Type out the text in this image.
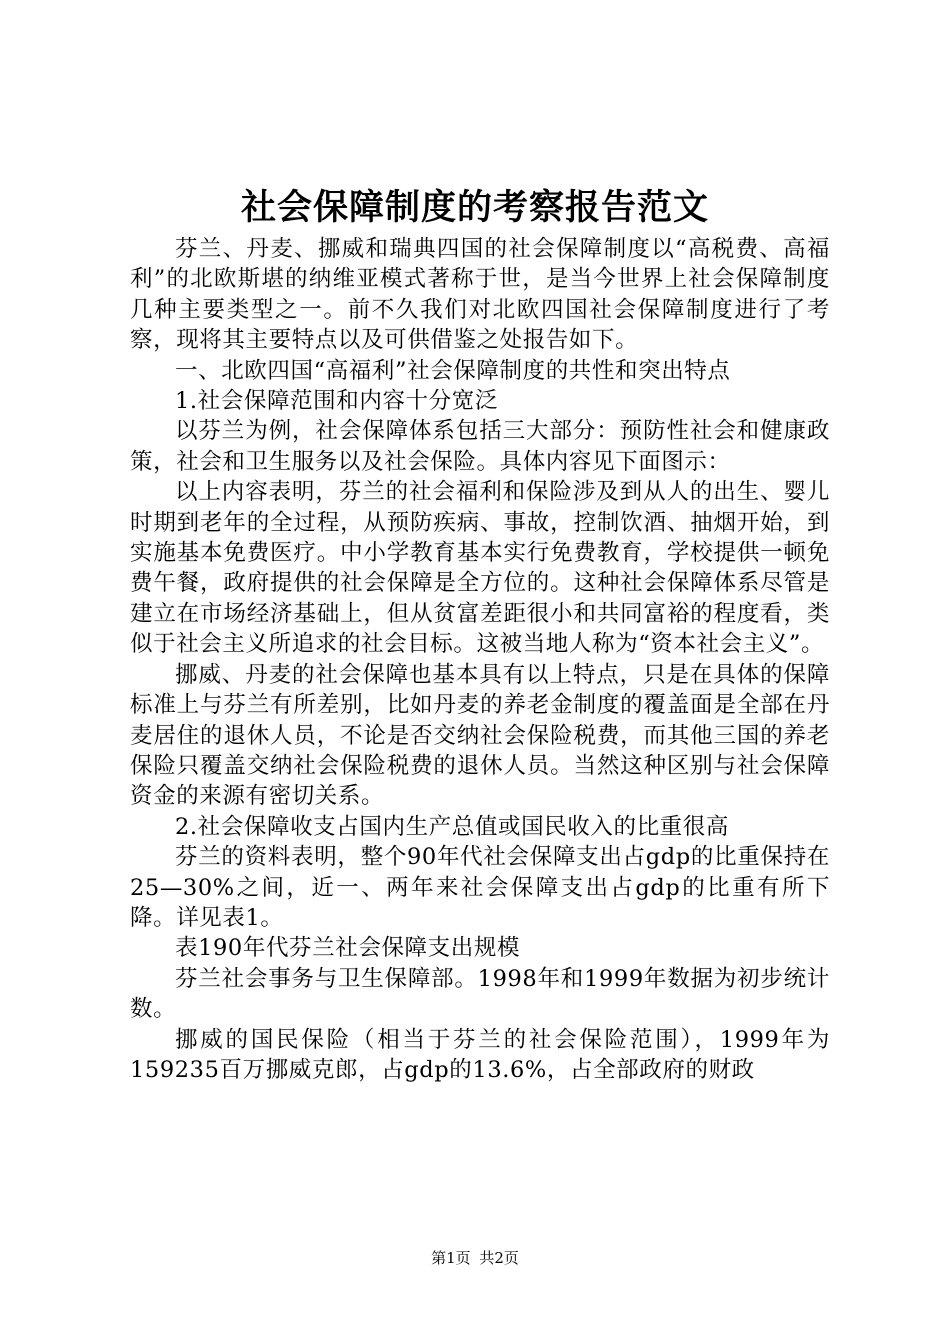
社会保障制度的考察报告范文

芬兰、丹麦、挪威和瑞典四国的社会保障制度以“高税费、高福利”的北欧斯堪的纳维亚模式著称于世，是当今世界上社会保障制度几种主要类型之一。前不久我们对北欧四国社会保障制度进行了考察，现将其主要特点以及可供借鉴之处报告如下。

一、北欧四国“高福利”社会保障制度的共性和突出特点

1.社会保障范围和内容十分宽泛

以芬兰为例，社会保障体系包括三大部分：预防性社会和健康政策，社会和卫生服务以及社会保险。具体内容见下面图示：

以上内容表明，芬兰的社会福利和保险涉及到从人的出生、婴儿时期到老年的全过程，从预防疾病、事故，控制饮酒、抽烟开始，到实施基本免费医疗。中小学教育基本实行免费教育，学校提供一顿免费午餐，政府提供的社会保障是全方位的。这种社会保障体系尽管是建立在市场经济基础上，但从贫富差距很小和共同富裕的程度看，类似于社会主义所追求的社会目标。这被当地人称为“资本社会主义”。

挪威、丹麦的社会保障也基本具有以上特点，只是在具体的保障标准上与芬兰有所差别，比如丹麦的养老金制度的覆盖面是全部在丹麦居住的退休人员，不论是否交纳社会保险税费，而其他三国的养老保险只覆盖交纳社会保险税费的退休人员。当然这种区别与社会保障资金的来源有密切关系。

2.社会保障收支占国内生产总值或国民收入的比重很高

芬兰的资料表明，整个90年代社会保障支出占gdp的比重保持在25—30%之间，近一、两年来社会保障支出占gdp的比重有所下降。详见表1。

表190年代芬兰社会保障支出规模

芬兰社会事务与卫生保障部。1998年和1999年数据为初步统计数。

挪威的国民保险（相当于芬兰的社会保险范围），1999年为159235百万挪威克郎，占gdp的13.6%，占全部政府的财政

第1页 共2页
